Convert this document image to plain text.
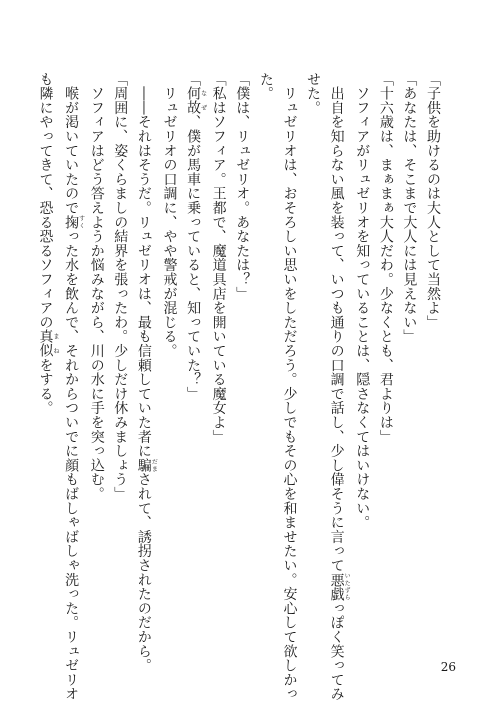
「子供を助けるのは大人として当然よ」
「あなたは、そこまで大人には見えない」
「十六歳は、まぁまぁ大人だわ。少なくとも、君よりは」
　ソフィアがリュゼリオを知っていることは、隠さなくてはいけない。
　出自を知らない風を装って、いつも通りの口調で話し、少し偉そうに言って悪戯いたずらっぽく笑ってみ
せた。
　リュゼリオは、おそろしい思いをしただろう。少しでもその心を和ませたい。安心して欲しかっ
た。
「僕は、リュゼリオ。あなたは？」
「私はソフィア。王都で、魔道具店を開いている魔女よ」
「何故なぜ、僕が馬車に乗っていると、知っていた？」
　リュゼリオの口調に、やや警戒が混じる。
　――それはそうだ。リュゼリオは、最も信頼していた者に騙だまされて、誘拐されたのだから。
「周囲に、姿くらましの結界を張ったわ。少しだけ休みましょう」
　ソフィアはどう答えようか悩みながら、川の水に手を突っ込む。
　喉が渇いていたので掬すくった水を飲んで、それからついでに顔もばしゃばしゃ洗った。リュゼリオ
も隣にやってきて、恐る恐るソフィアの真似まねをする。
26
